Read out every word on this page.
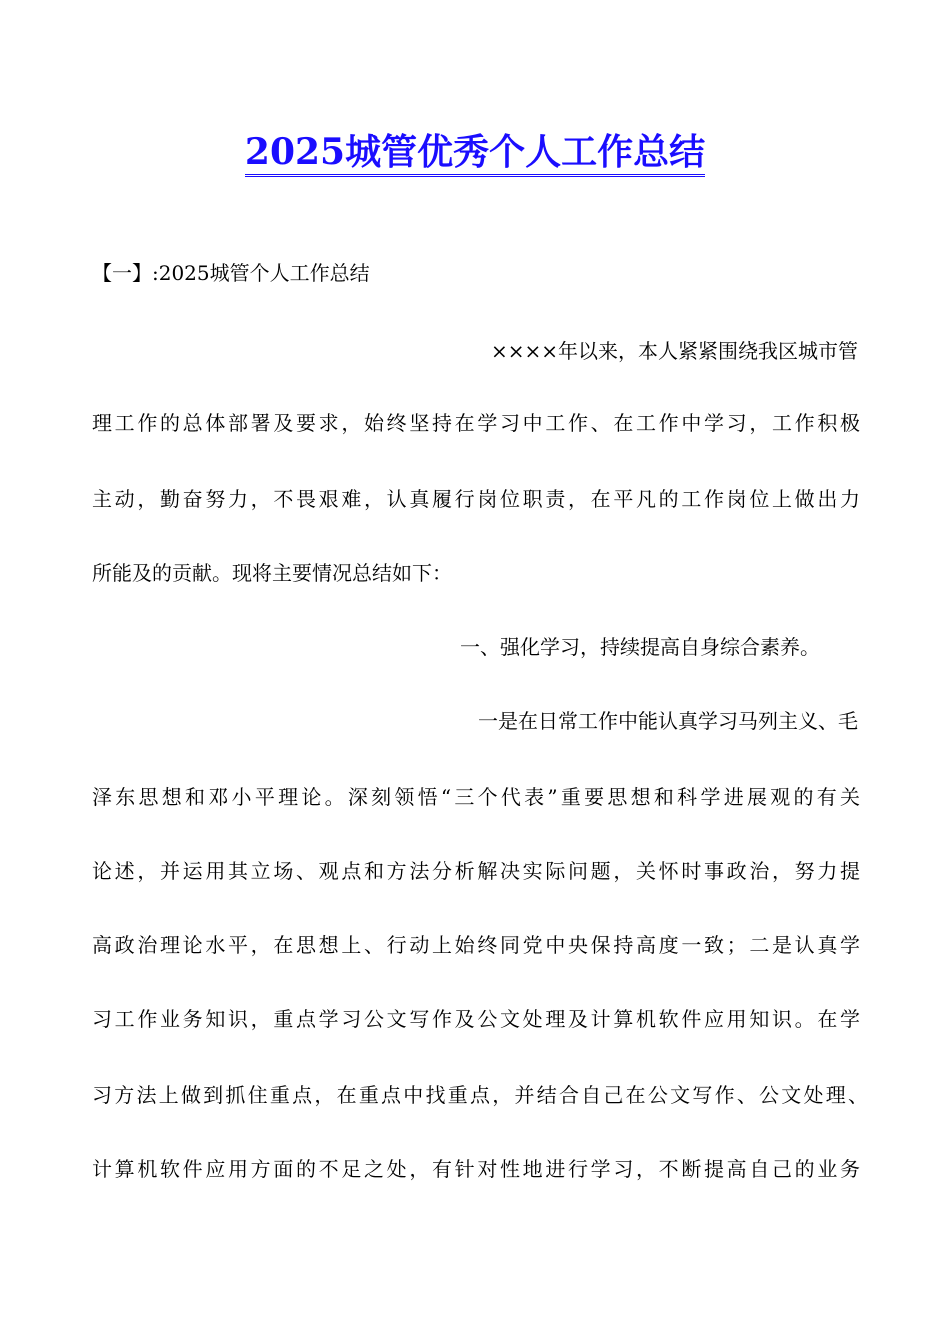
2025城管优秀个人工作总结
【一】:2025城管个人工作总结
××××年以来，本人紧紧围绕我区城市管
理工作的总体部署及要求，始终坚持在学习中工作、在工作中学习，工作积极
主动，勤奋努力，不畏艰难，认真履行岗位职责，在平凡的工作岗位上做出力
所能及的贡献。现将主要情况总结如下：
一、强化学习，持续提高自身综合素养。
一是在日常工作中能认真学习马列主义、毛
泽东思想和邓小平理论。深刻领悟“三个代表”重要思想和科学进展观的有关
论述，并运用其立场、观点和方法分析解决实际问题，关怀时事政治，努力提
高政治理论水平，在思想上、行动上始终同党中央保持高度一致；二是认真学
习工作业务知识，重点学习公文写作及公文处理及计算机软件应用知识。在学
习方法上做到抓住重点，在重点中找重点，并结合自己在公文写作、公文处理、
计算机软件应用方面的不足之处，有针对性地进行学习，不断提高自己的业务
